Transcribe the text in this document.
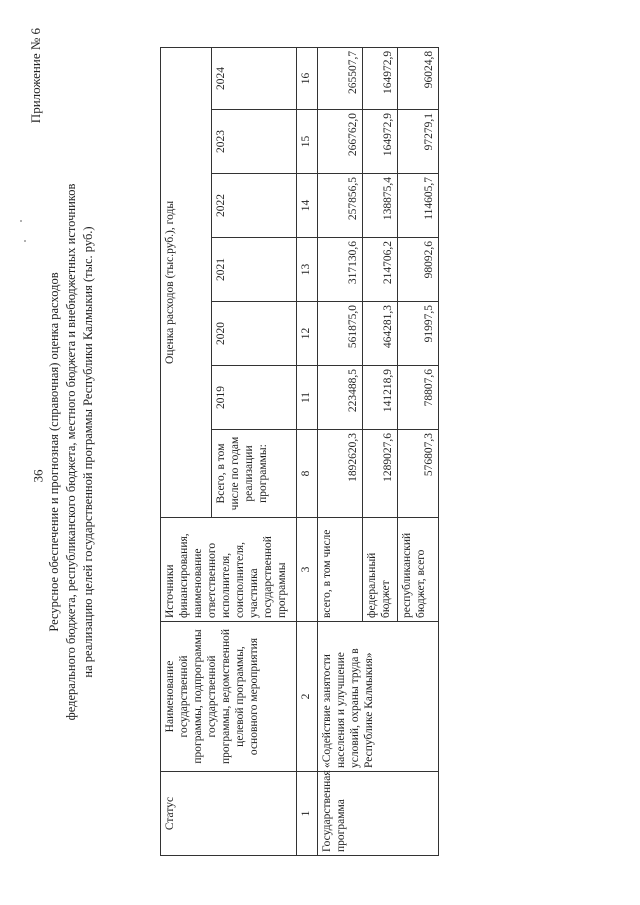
36
Приложение № 6
Ресурсное обеспечение и прогнозная (справочная) оценка расходов федерального бюджета, республиканского бюджета, местного бюджета и внебюджетных источников на реализацию целей государственной программы Республики Калмыкия (тыс. руб.)
Статус	Наименование государственной программы, подпрограммы государственной программы, ведомственной целевой программы, основного мероприятия	Источники финансирования, наименование ответственного исполнителя, соисполнителя, участника государственной программы	Оценка расходов (тыс.руб.), годы						
			Всего, в том числе по годам реализации программы:	2019	2020	2021	2022	2023	2024
1	2	3	8	11	12	13	14	15	16
Государственная программа	«Содействие занятости населения и улучшение условий, охраны труда в Республике Калмыкия»	всего, в том числе	1892620,3	223488,5	561875,0	317130,6	257856,5	266762,0	265507,7
		федеральный бюджет	1289027,6	141218,9	464281,3	214706,2	138875,4	164972,9	164972,9
		республиканский бюджет, всего	576807,3	78807,6	91997,5	98092,6	114605,7	97279,1	96024,8
